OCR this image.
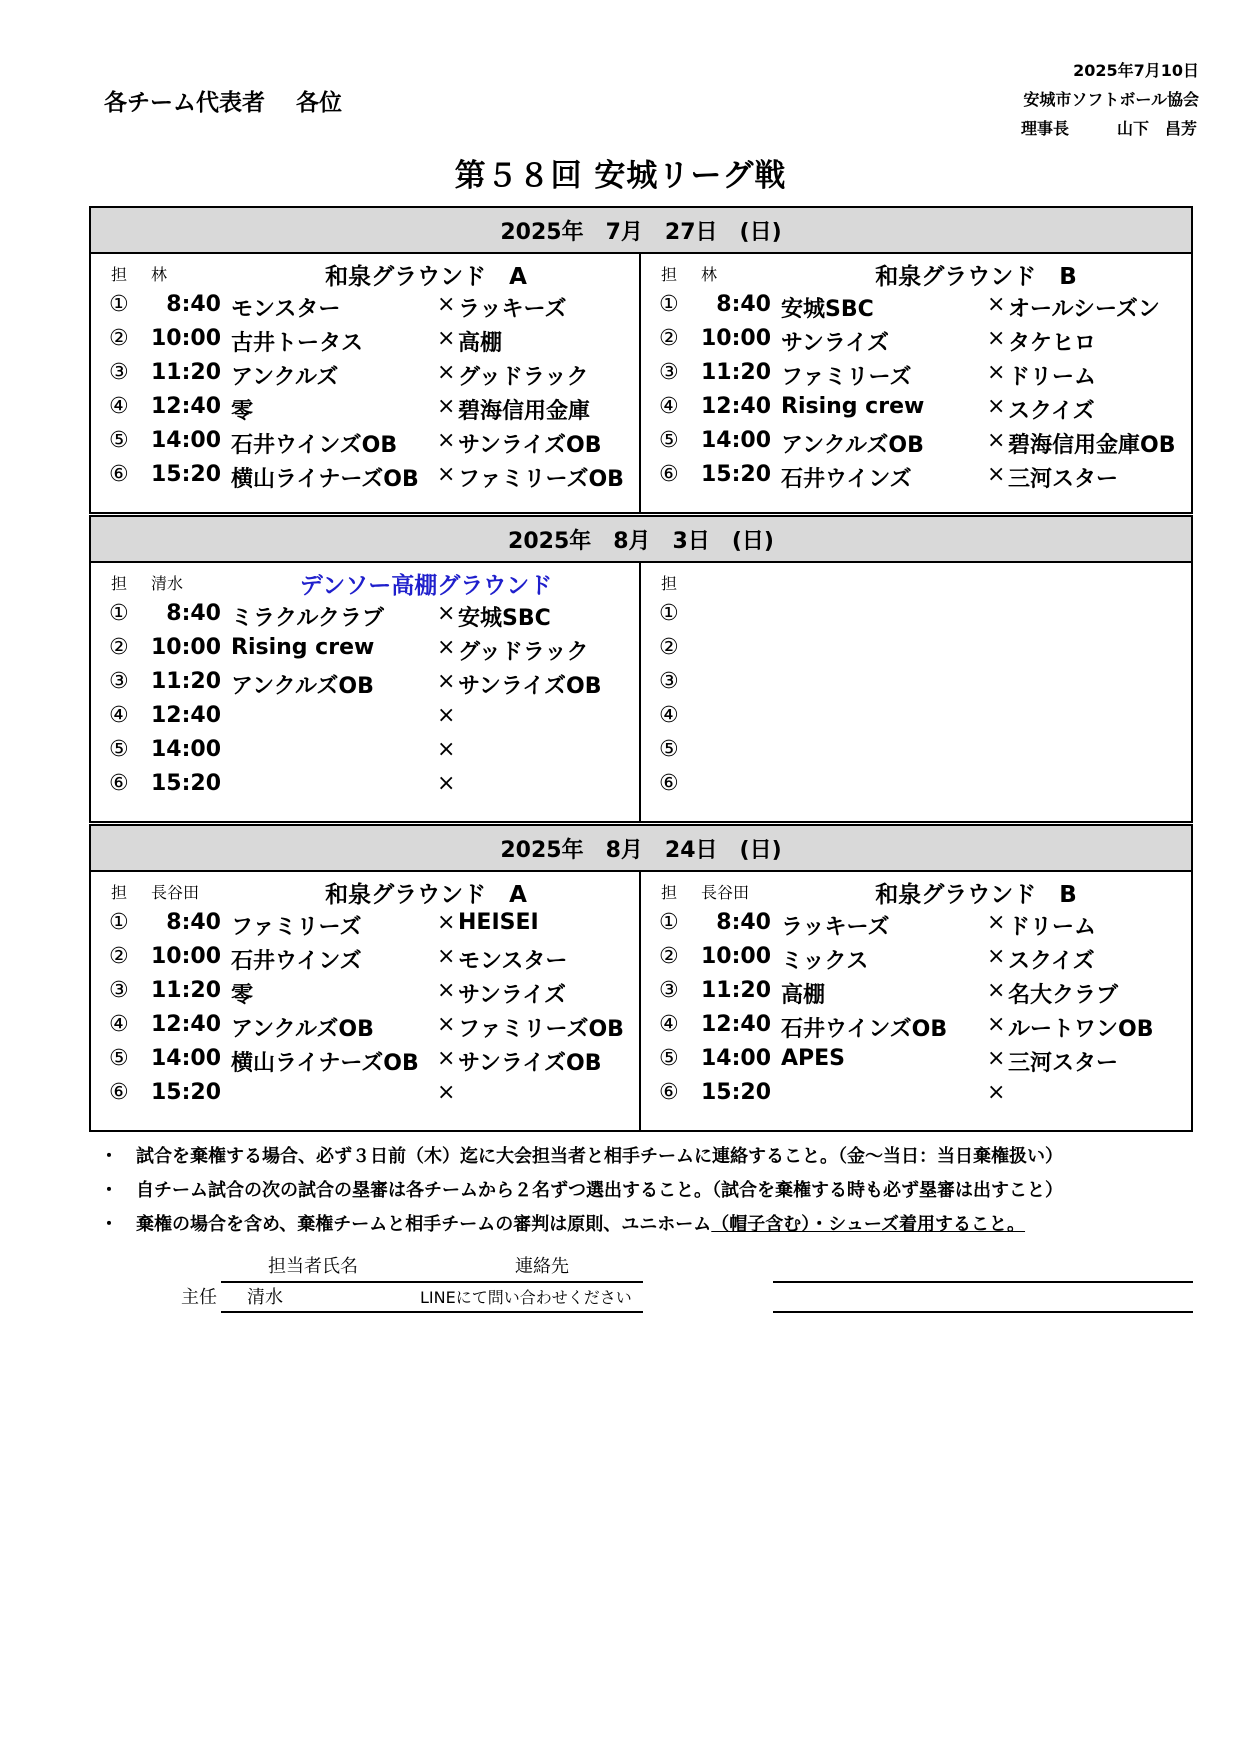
各チーム代表者　 各位
2025年7月10日
安城市ソフトボール協会
理事長　　　山下　昌芳
第５８回 安城リーグ戦
2025年　7月　27日　(日)
担 林	和泉グラウンド　A
①	8:40 モンスター	× ラッキーズ
②	10:00 古井トータス	× 高棚
③	11:20 アンクルズ	× グッドラック
④	12:40 零	× 碧海信用金庫
⑤	14:00 石井ウインズOB	× サンライズOB
⑥	15:20 横山ライナーズOB × ファミリーズOB
担 林	和泉グラウンド　B
①	8:40 安城SBC	× オールシーズン
②	10:00 サンライズ	× タケヒロ
③	11:20 ファミリーズ	× ドリーム
④	12:40 Rising crew	× スクイズ
⑤	14:00 アンクルズOB	× 碧海信用金庫OB
⑥	15:20 石井ウインズ	× 三河スター
2025年　8月　3日　(日)
担 清水	デンソー高棚グラウンド
①	8:40 ミラクルクラブ	× 安城SBC
②	10:00 Rising crew	× グッドラック
③	11:20 アンクルズOB	× サンライズOB
④	12:40	×
⑤	14:00	×
⑥	15:20	×
担
①
②
③
④
⑤
⑥
2025年　8月　24日　(日)
担 長谷田	和泉グラウンド　A
①	8:40 ファミリーズ	× HEISEI
②	10:00 石井ウインズ	× モンスター
③	11:20 零	× サンライズ
④	12:40 アンクルズOB	× ファミリーズOB
⑤	14:00 横山ライナーズOB × サンライズOB
⑥	15:20	×
担 長谷田	和泉グラウンド　B
①	8:40 ラッキーズ	× ドリーム
②	10:00 ミックス	× スクイズ
③	11:20 高棚	× 名大クラブ
④	12:40 石井ウインズOB	× ルートワンOB
⑤	14:00 APES	× 三河スター
⑥	15:20	×
・ 試合を棄権する場合、必ず３日前（木）迄に大会担当者と相手チームに連絡すること。（金～当日：当日棄権扱い）
・ 自チーム試合の次の試合の塁審は各チームから２名ずつ選出すること。（試合を棄権する時も必ず塁審は出すこと）
・ 棄権の場合を含め、棄権チームと相手チームの審判は原則、ユニホーム（帽子含む）・シューズ着用すること。
担当者氏名	連絡先
主任 清水	LINEにて問い合わせください
